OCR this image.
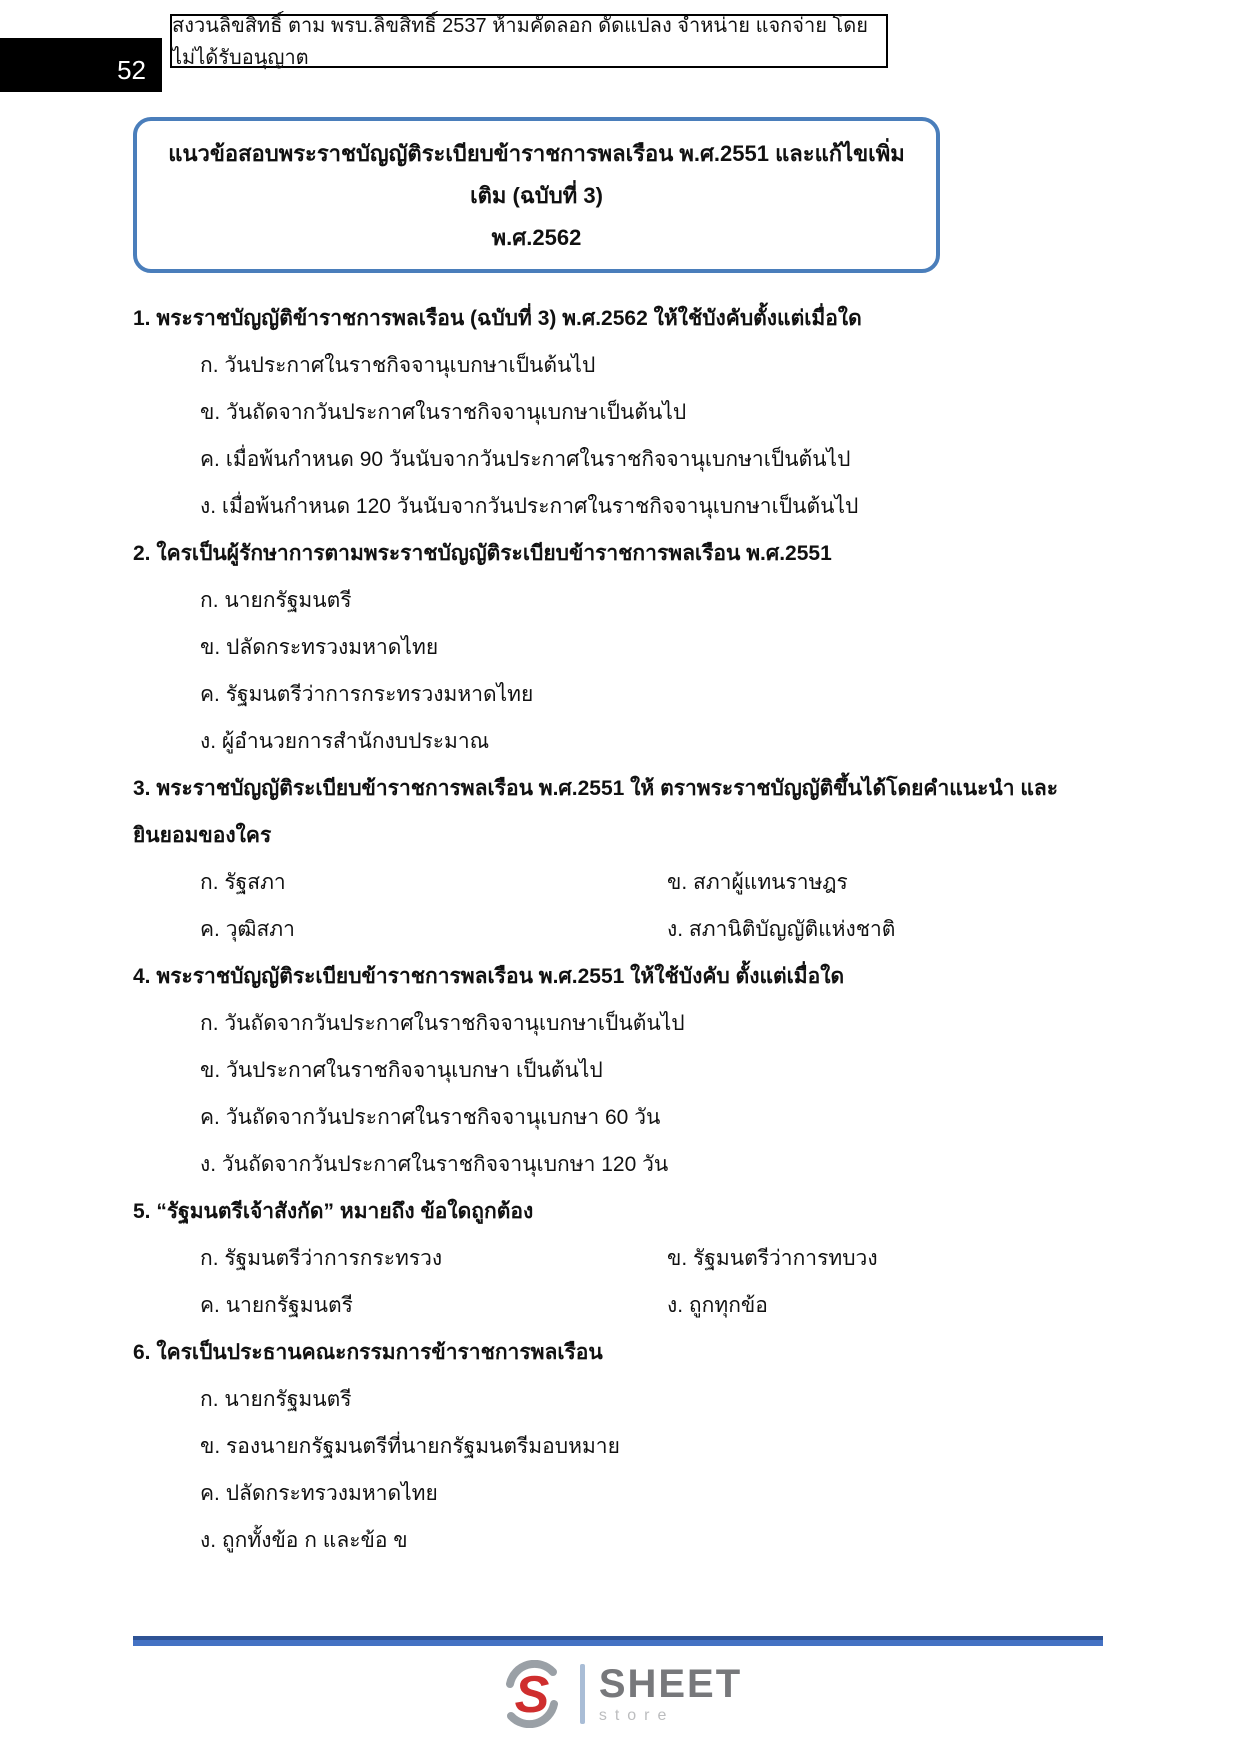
52
สงวนลิขสิทธิ์ ตาม พรบ.ลิขสิทธิ์ 2537 ห้ามคัดลอก ดัดแปลง จำหน่าย แจกจ่าย โดยไม่ได้รับอนุญาต
แนวข้อสอบพระราชบัญญัติระเบียบข้าราชการพลเรือน พ.ศ.2551 และแก้ไขเพิ่มเติม (ฉบับที่ 3)
พ.ศ.2562
1. พระราชบัญญัติข้าราชการพลเรือน (ฉบับที่ 3) พ.ศ.2562 ให้ใช้บังคับตั้งแต่เมื่อใด
ก. วันประกาศในราชกิจจานุเบกษาเป็นต้นไป
ข. วันถัดจากวันประกาศในราชกิจจานุเบกษาเป็นต้นไป
ค. เมื่อพ้นกำหนด 90 วันนับจากวันประกาศในราชกิจจานุเบกษาเป็นต้นไป
ง. เมื่อพ้นกำหนด 120 วันนับจากวันประกาศในราชกิจจานุเบกษาเป็นต้นไป
2. ใครเป็นผู้รักษาการตามพระราชบัญญัติระเบียบข้าราชการพลเรือน พ.ศ.2551
ก. นายกรัฐมนตรี
ข. ปลัดกระทรวงมหาดไทย
ค. รัฐมนตรีว่าการกระทรวงมหาดไทย
ง. ผู้อำนวยการสำนักงบประมาณ
3. พระราชบัญญัติระเบียบข้าราชการพลเรือน พ.ศ.2551 ให้ ตราพระราชบัญญัติขึ้นได้โดยคำแนะนำ และยินยอมของใคร
ก. รัฐสภา	ข. สภาผู้แทนราษฎร
ค. วุฒิสภา	ง. สภานิติบัญญัติแห่งชาติ
4. พระราชบัญญัติระเบียบข้าราชการพลเรือน พ.ศ.2551 ให้ใช้บังคับ ตั้งแต่เมื่อใด
ก. วันถัดจากวันประกาศในราชกิจจานุเบกษาเป็นต้นไป
ข. วันประกาศในราชกิจจานุเบกษา เป็นต้นไป
ค. วันถัดจากวันประกาศในราชกิจจานุเบกษา 60 วัน
ง. วันถัดจากวันประกาศในราชกิจจานุเบกษา 120 วัน
5. “รัฐมนตรีเจ้าสังกัด” หมายถึง ข้อใดถูกต้อง
ก. รัฐมนตรีว่าการกระทรวง	ข. รัฐมนตรีว่าการทบวง
ค. นายกรัฐมนตรี	ง. ถูกทุกข้อ
6. ใครเป็นประธานคณะกรรมการข้าราชการพลเรือน
ก. นายกรัฐมนตรี
ข. รองนายกรัฐมนตรีที่นายกรัฐมนตรีมอบหมาย
ค. ปลัดกระทรวงมหาดไทย
ง. ถูกทั้งข้อ ก และข้อ ข
S SHEET
store
